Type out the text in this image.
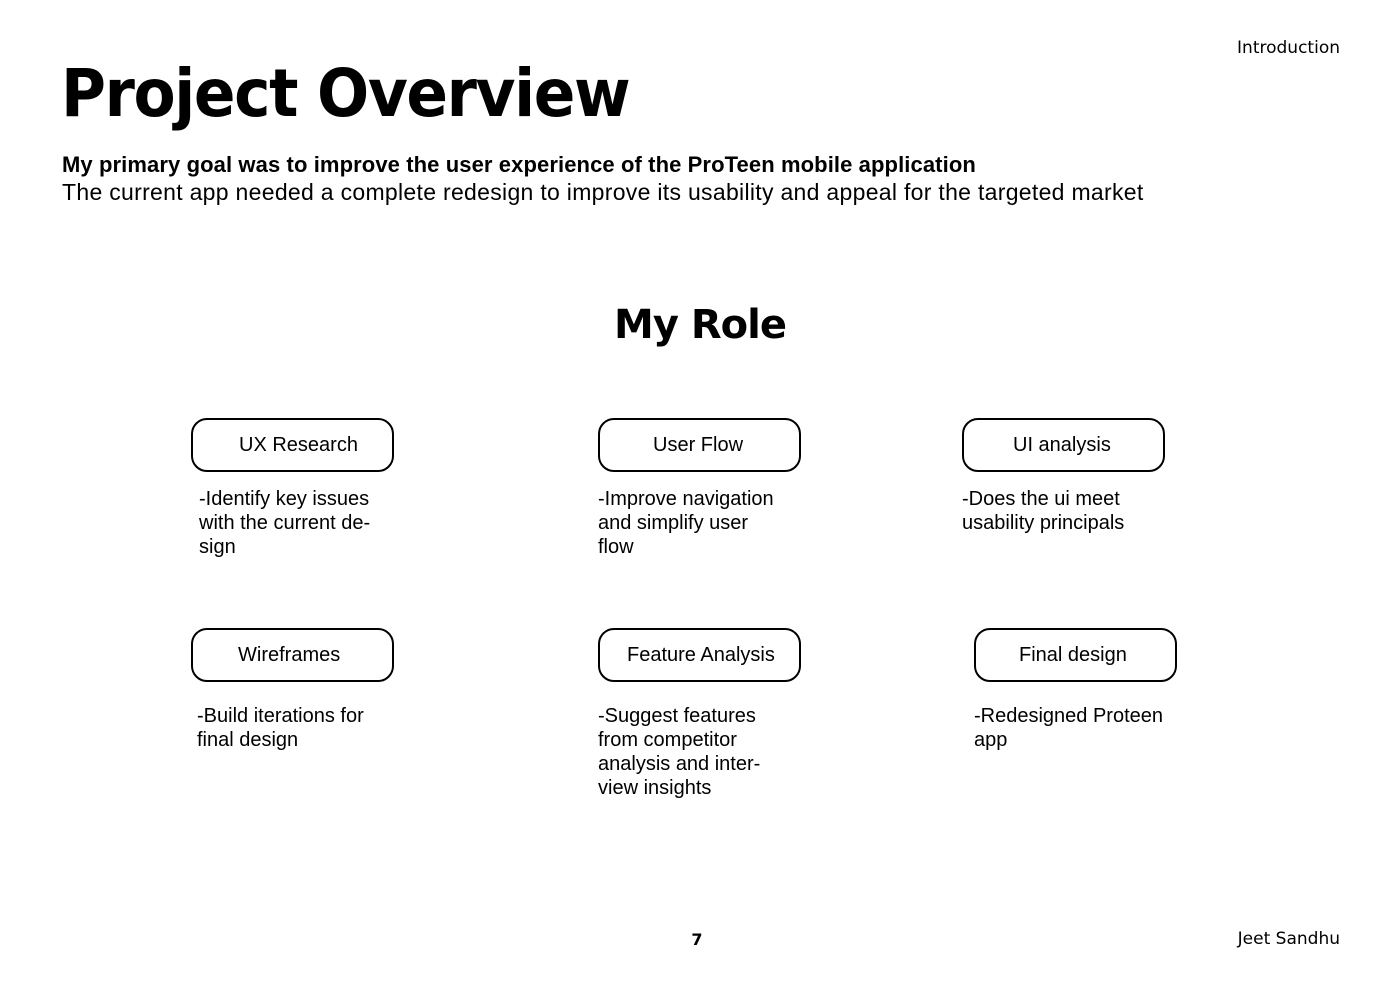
Introduction
Project Overview

My primary goal was to improve the user experience of the ProTeen mobile application

The current app needed a complete redesign to improve its usability and appeal for the targeted market

My Role
UX Research
-Identify key issues
with the current de-
sign
User Flow
-Improve navigation
and simplify user
flow
UI analysis
-Does the ui meet
usability principals
Wireframes
-Build iterations for
final design
Feature Analysis
-Suggest features
from competitor
analysis and inter-
view insights
Final design
-Redesigned Proteen
app
7	Jeet Sandhu
